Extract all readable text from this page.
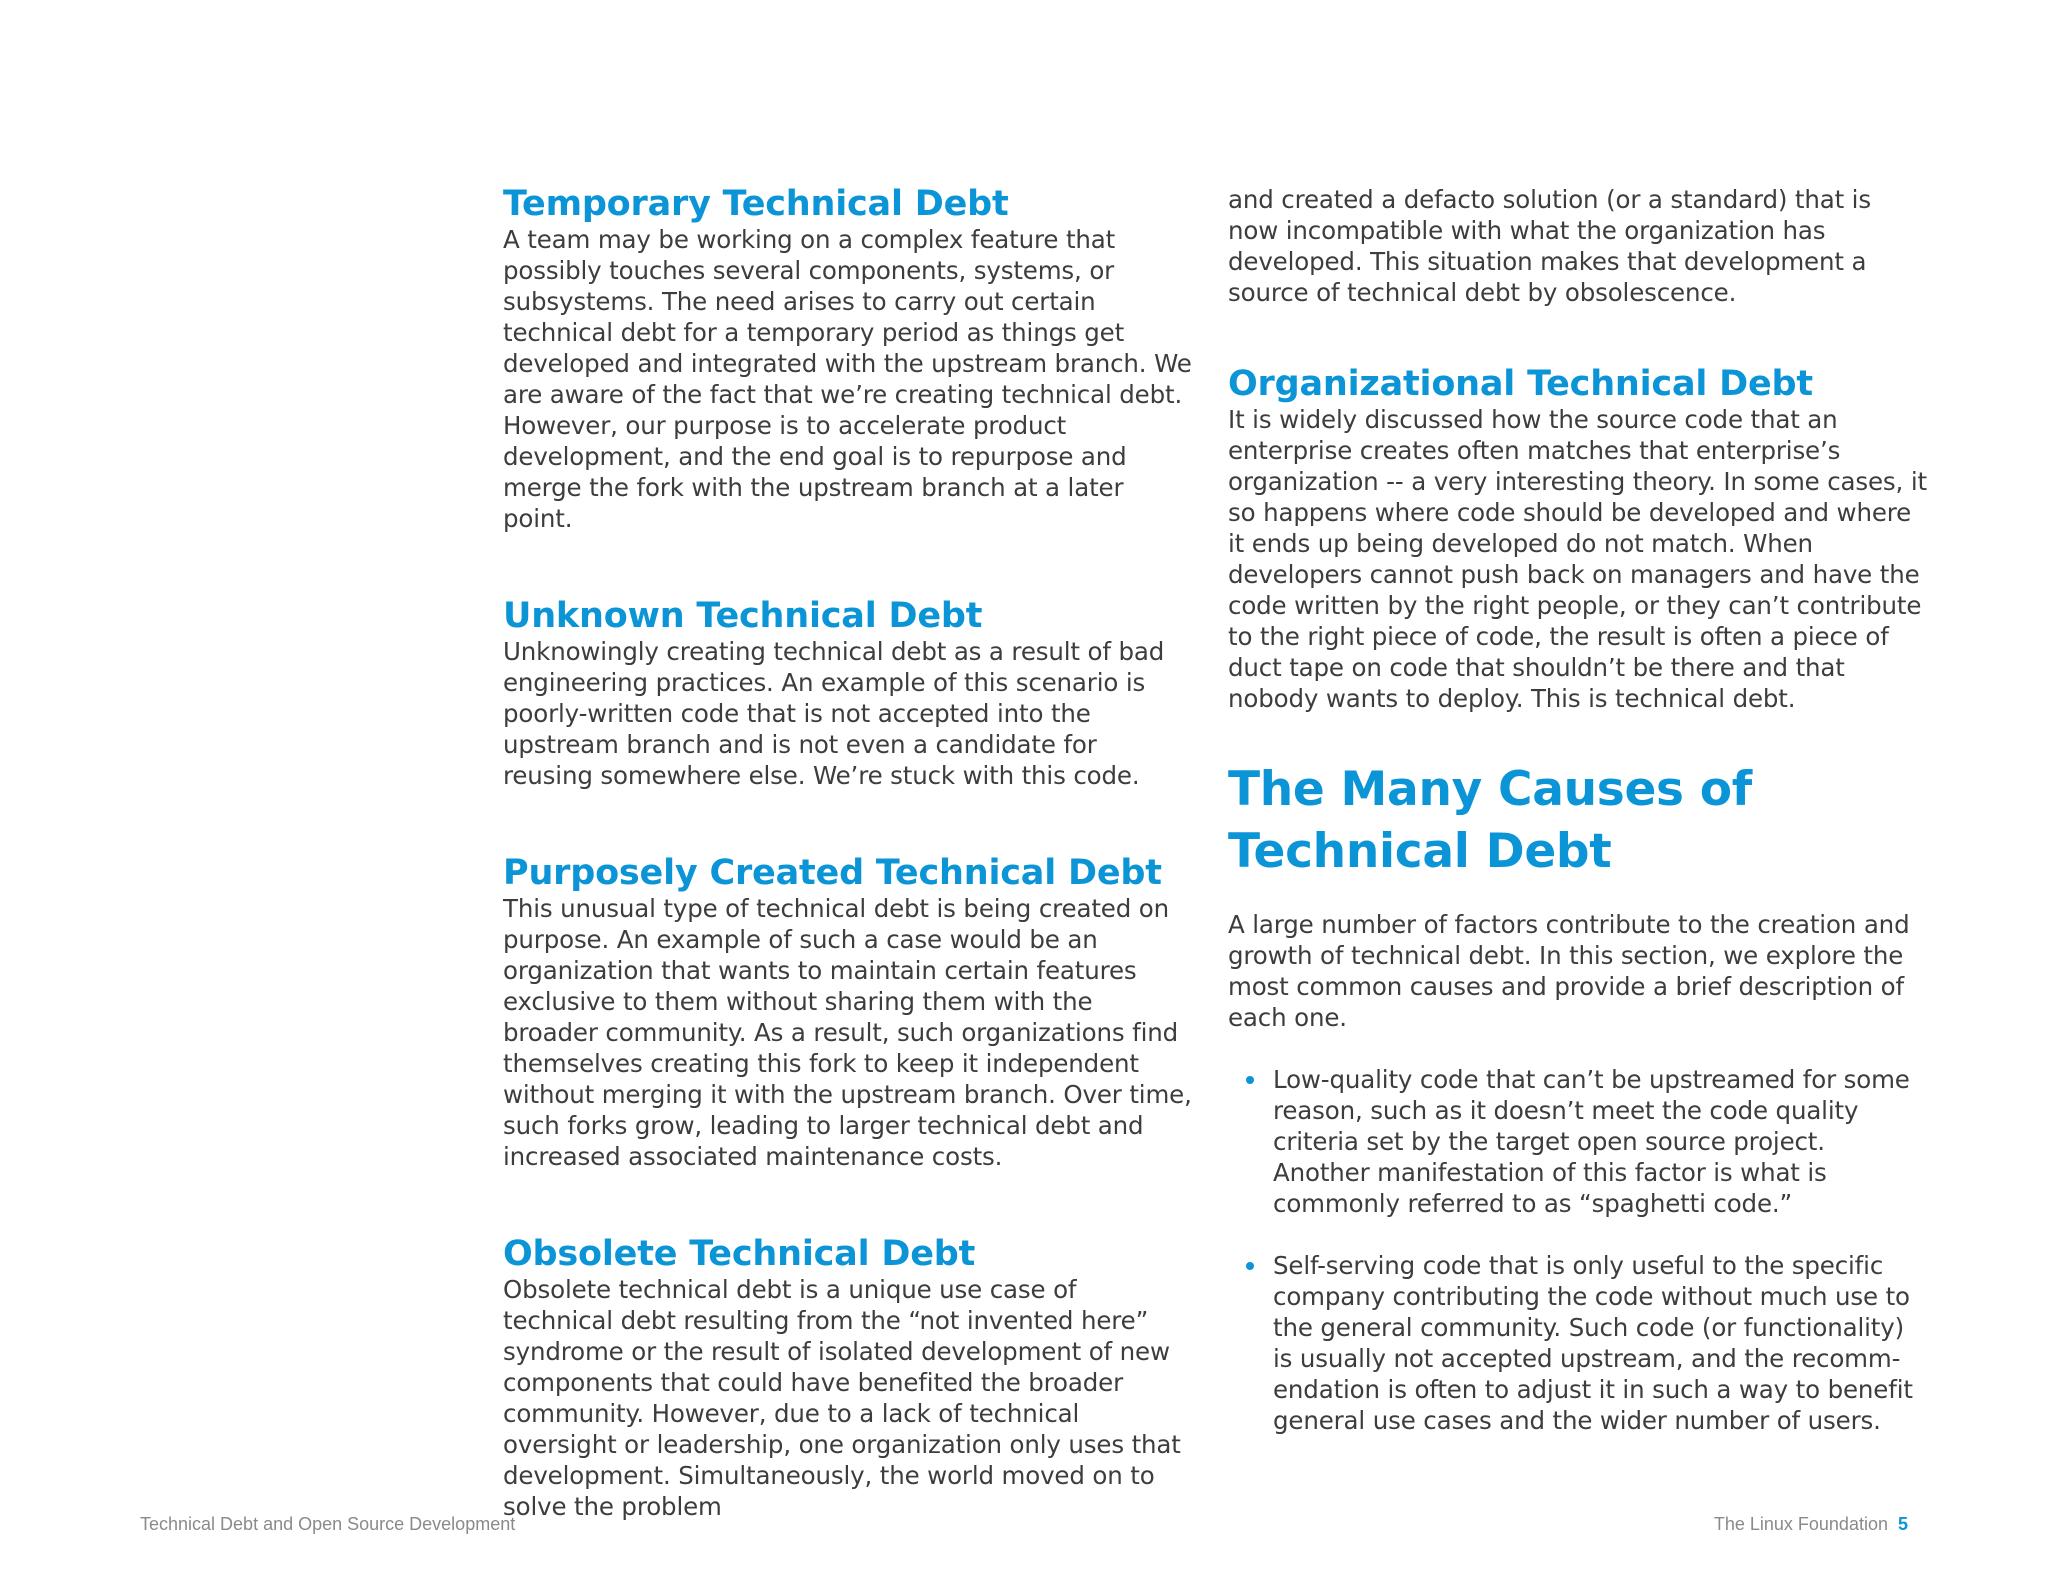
Temporary Technical Debt

A team may be working on a complex feature that possibly touches several components, systems, or subsystems. The need arises to carry out certain technical debt for a temporary period as things get developed and integrated with the upstream branch. We are aware of the fact that we’re creating technical debt. However, our purpose is to accelerate product development, and the end goal is to repurpose and merge the fork with the upstream branch at a later point.

Unknown Technical Debt

Unknowingly creating technical debt as a result of bad engineering practices. An example of this scenario is poorly-written code that is not accepted into the upstream branch and is not even a candidate for reusing somewhere else. We’re stuck with this code.

Purposely Created Technical Debt

This unusual type of technical debt is being created on purpose. An example of such a case would be an organization that wants to maintain certain features exclusive to them without sharing them with the broader community. As a result, such organizations find themselves creating this fork to keep it independent without merging it with the upstream branch. Over time, such forks grow, leading to larger technical debt and increased associated maintenance costs.

Obsolete Technical Debt

Obsolete technical debt is a unique use case of technical debt resulting from the “not invented here” syndrome or the result of isolated development of new components that could have benefited the broader community. However, due to a lack of technical oversight or leadership, one organization only uses that development. Simultaneously, the world moved on to solve the problem

and created a defacto solution (or a standard) that is now incompatible with what the organization has developed. This situation makes that development a source of technical debt by obsolescence.

Organizational Technical Debt

It is widely discussed how the source code that an enterprise creates often matches that enterprise’s organization -- a very interesting theory. In some cases, it so happens where code should be developed and where it ends up being developed do not match. When developers cannot push back on managers and have the code written by the right people, or they can’t contribute to the right piece of code, the result is often a piece of duct tape on code that shouldn’t be there and that nobody wants to deploy. This is technical debt.

The Many Causes of
Technical Debt

A large number of factors contribute to the creation and growth of technical debt. In this section, we explore the most common causes and provide a brief description of each one.

Low-quality code that can’t be upstreamed for some reason, such as it doesn’t meet the code quality criteria set by the target open source project. Another manifestation of this factor is what is commonly referred to as “spaghetti code.”

Self-serving code that is only useful to the specific company contributing the code without much use to the general community. Such code (or functionality) is usually not accepted upstream, and the recomm- endation is often to adjust it in such a way to benefit general use cases and the wider number of users.

Technical Debt and Open Source Development	The Linux Foundation 5
